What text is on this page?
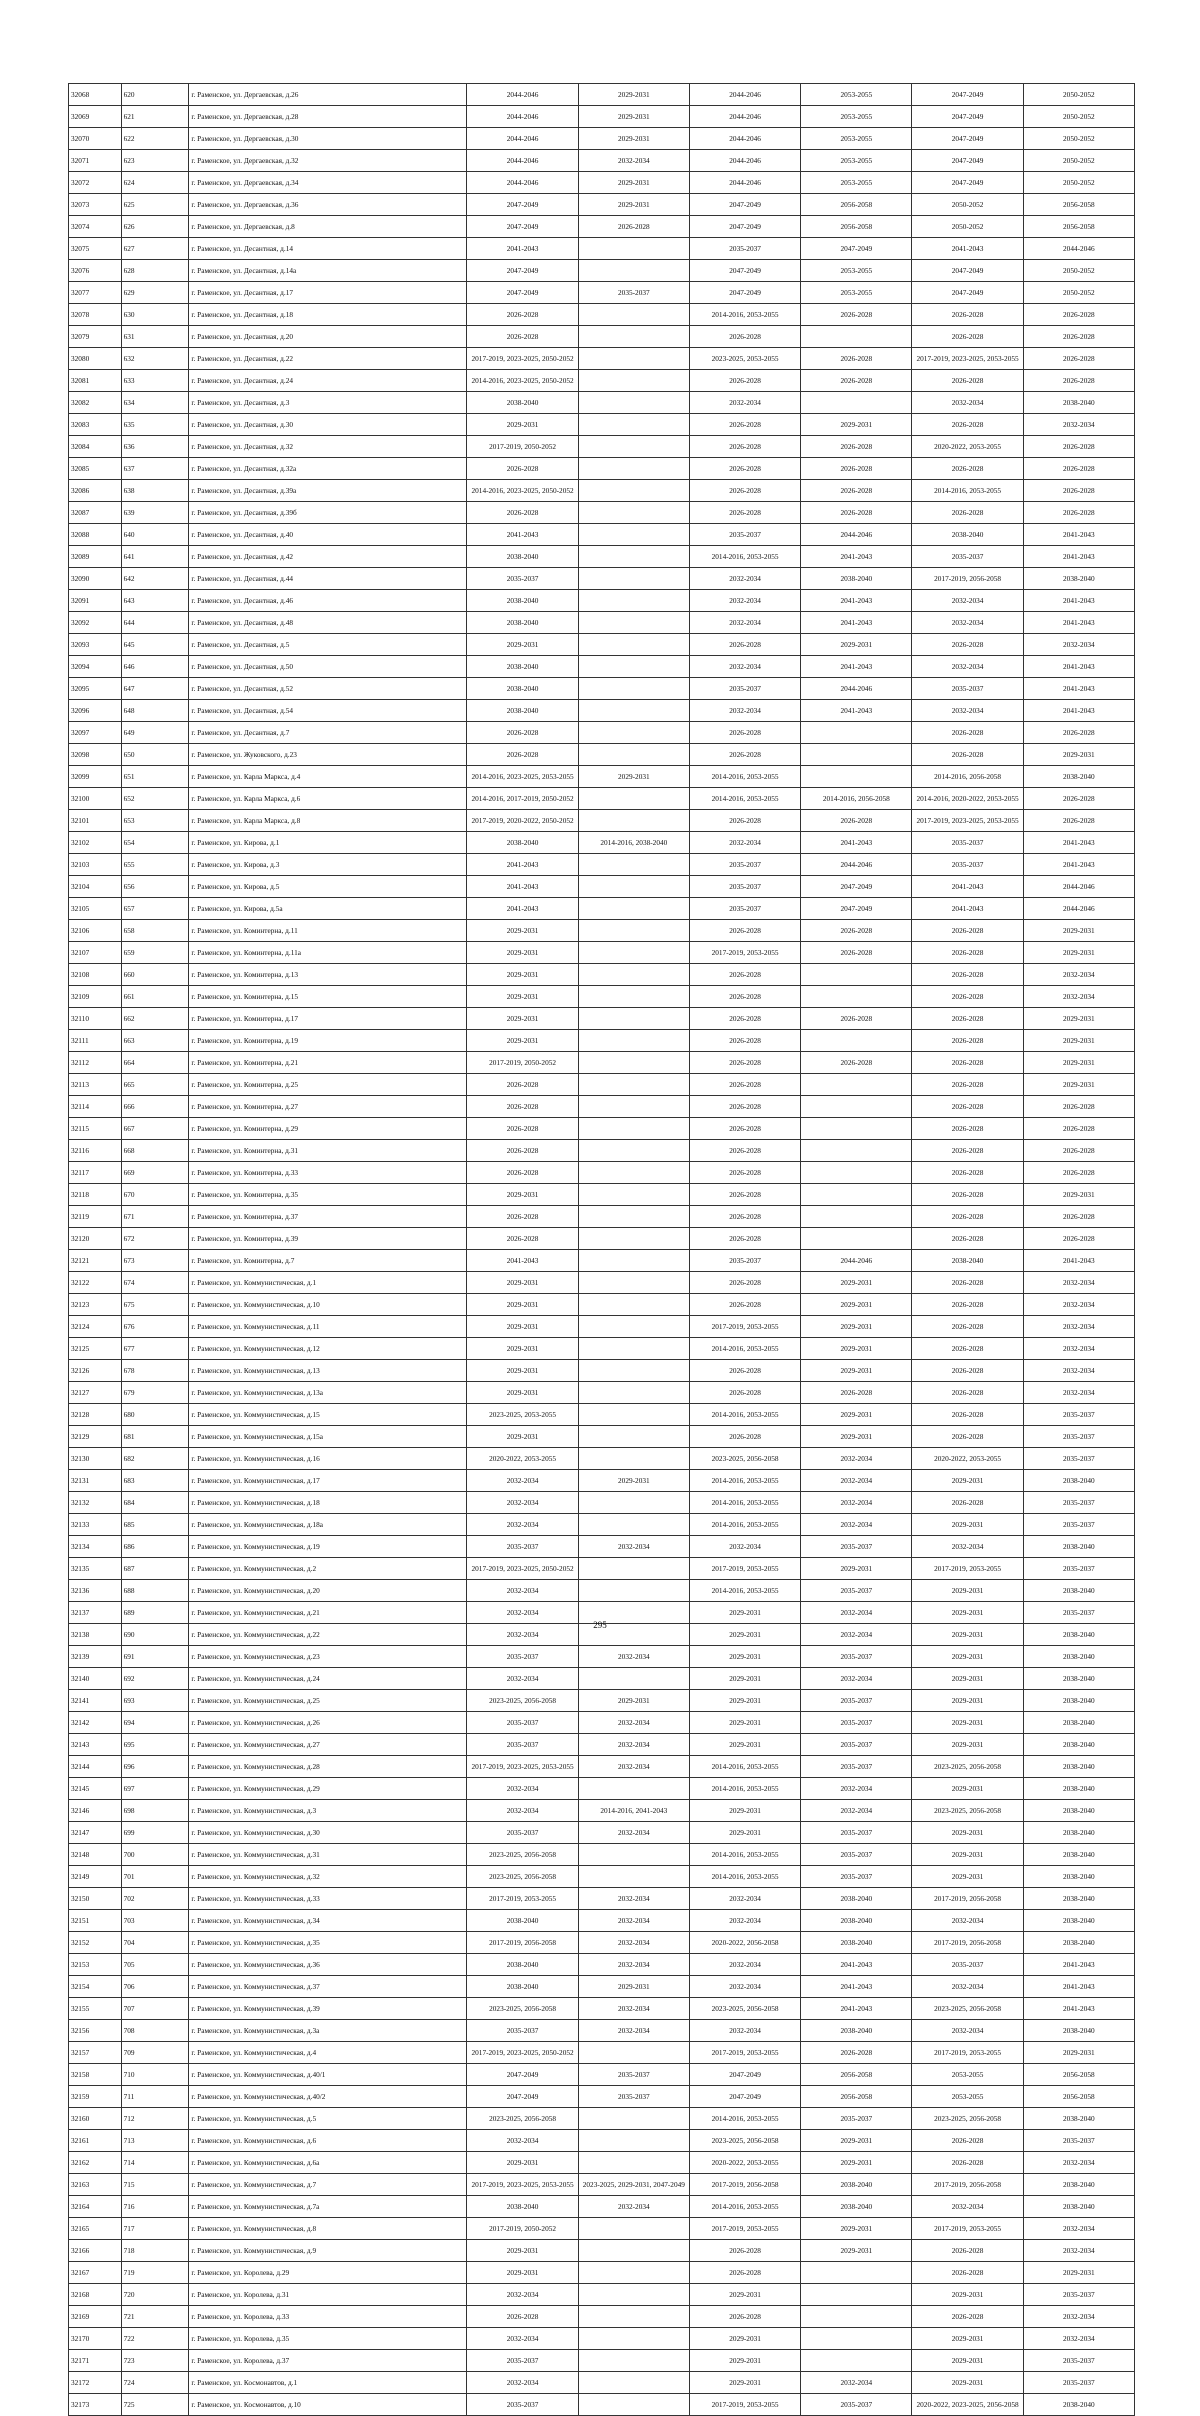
32068	620	г. Раменское, ул. Дергаевская, д.26	2044-2046	2029-2031	2044-2046	2053-2055	2047-2049	2050-2052
32069	621	г. Раменское, ул. Дергаевская, д.28	2044-2046	2029-2031	2044-2046	2053-2055	2047-2049	2050-2052
32070	622	г. Раменское, ул. Дергаевская, д.30	2044-2046	2029-2031	2044-2046	2053-2055	2047-2049	2050-2052
32071	623	г. Раменское, ул. Дергаевская, д.32	2044-2046	2032-2034	2044-2046	2053-2055	2047-2049	2050-2052
32072	624	г. Раменское, ул. Дергаевская, д.34	2044-2046	2029-2031	2044-2046	2053-2055	2047-2049	2050-2052
32073	625	г. Раменское, ул. Дергаевская, д.36	2047-2049	2029-2031	2047-2049	2056-2058	2050-2052	2056-2058
32074	626	г. Раменское, ул. Дергаевская, д.8	2047-2049	2026-2028	2047-2049	2056-2058	2050-2052	2056-2058
32075	627	г. Раменское, ул. Десантная, д.14	2041-2043		2035-2037	2047-2049	2041-2043	2044-2046
32076	628	г. Раменское, ул. Десантная, д.14а	2047-2049		2047-2049	2053-2055	2047-2049	2050-2052
32077	629	г. Раменское, ул. Десантная, д.17	2047-2049	2035-2037	2047-2049	2053-2055	2047-2049	2050-2052
32078	630	г. Раменское, ул. Десантная, д.18	2026-2028		2014-2016, 2053-2055	2026-2028	2026-2028	2026-2028
32079	631	г. Раменское, ул. Десантная, д.20	2026-2028		2026-2028		2026-2028	2026-2028
32080	632	г. Раменское, ул. Десантная, д.22	2017-2019, 2023-2025, 2050-2052		2023-2025, 2053-2055	2026-2028	2017-2019, 2023-2025, 2053-2055	2026-2028
32081	633	г. Раменское, ул. Десантная, д.24	2014-2016, 2023-2025, 2050-2052		2026-2028	2026-2028	2026-2028	2026-2028
32082	634	г. Раменское, ул. Десантная, д.3	2038-2040		2032-2034		2032-2034	2038-2040
32083	635	г. Раменское, ул. Десантная, д.30	2029-2031		2026-2028	2029-2031	2026-2028	2032-2034
32084	636	г. Раменское, ул. Десантная, д.32	2017-2019, 2050-2052		2026-2028	2026-2028	2020-2022, 2053-2055	2026-2028
32085	637	г. Раменское, ул. Десантная, д.32а	2026-2028		2026-2028	2026-2028	2026-2028	2026-2028
32086	638	г. Раменское, ул. Десантная, д.39а	2014-2016, 2023-2025, 2050-2052		2026-2028	2026-2028	2014-2016, 2053-2055	2026-2028
32087	639	г. Раменское, ул. Десантная, д.39б	2026-2028		2026-2028	2026-2028	2026-2028	2026-2028
32088	640	г. Раменское, ул. Десантная, д.40	2041-2043		2035-2037	2044-2046	2038-2040	2041-2043
32089	641	г. Раменское, ул. Десантная, д.42	2038-2040		2014-2016, 2053-2055	2041-2043	2035-2037	2041-2043
32090	642	г. Раменское, ул. Десантная, д.44	2035-2037		2032-2034	2038-2040	2017-2019, 2056-2058	2038-2040
32091	643	г. Раменское, ул. Десантная, д.46	2038-2040		2032-2034	2041-2043	2032-2034	2041-2043
32092	644	г. Раменское, ул. Десантная, д.48	2038-2040		2032-2034	2041-2043	2032-2034	2041-2043
32093	645	г. Раменское, ул. Десантная, д.5	2029-2031		2026-2028	2029-2031	2026-2028	2032-2034
32094	646	г. Раменское, ул. Десантная, д.50	2038-2040		2032-2034	2041-2043	2032-2034	2041-2043
32095	647	г. Раменское, ул. Десантная, д.52	2038-2040		2035-2037	2044-2046	2035-2037	2041-2043
32096	648	г. Раменское, ул. Десантная, д.54	2038-2040		2032-2034	2041-2043	2032-2034	2041-2043
32097	649	г. Раменское, ул. Десантная, д.7	2026-2028		2026-2028		2026-2028	2026-2028
32098	650	г. Раменское, ул. Жуковского, д.23	2026-2028		2026-2028		2026-2028	2029-2031
32099	651	г. Раменское, ул. Карла Маркса, д.4	2014-2016, 2023-2025, 2053-2055	2029-2031	2014-2016, 2053-2055		2014-2016, 2056-2058	2038-2040
32100	652	г. Раменское, ул. Карла Маркса, д.6	2014-2016, 2017-2019, 2050-2052		2014-2016, 2053-2055	2014-2016, 2056-2058	2014-2016, 2020-2022, 2053-2055	2026-2028
32101	653	г. Раменское, ул. Карла Маркса, д.8	2017-2019, 2020-2022, 2050-2052		2026-2028	2026-2028	2017-2019, 2023-2025, 2053-2055	2026-2028
32102	654	г. Раменское, ул. Кирова, д.1	2038-2040	2014-2016, 2038-2040	2032-2034	2041-2043	2035-2037	2041-2043
32103	655	г. Раменское, ул. Кирова, д.3	2041-2043		2035-2037	2044-2046	2035-2037	2041-2043
32104	656	г. Раменское, ул. Кирова, д.5	2041-2043		2035-2037	2047-2049	2041-2043	2044-2046
32105	657	г. Раменское, ул. Кирова, д.5а	2041-2043		2035-2037	2047-2049	2041-2043	2044-2046
32106	658	г. Раменское, ул. Коминтерна, д.11	2029-2031		2026-2028	2026-2028	2026-2028	2029-2031
32107	659	г. Раменское, ул. Коминтерна, д.11а	2029-2031		2017-2019, 2053-2055	2026-2028	2026-2028	2029-2031
32108	660	г. Раменское, ул. Коминтерна, д.13	2029-2031		2026-2028		2026-2028	2032-2034
32109	661	г. Раменское, ул. Коминтерна, д.15	2029-2031		2026-2028		2026-2028	2032-2034
32110	662	г. Раменское, ул. Коминтерна, д.17	2029-2031		2026-2028	2026-2028	2026-2028	2029-2031
32111	663	г. Раменское, ул. Коминтерна, д.19	2029-2031		2026-2028		2026-2028	2029-2031
32112	664	г. Раменское, ул. Коминтерна, д.21	2017-2019, 2050-2052		2026-2028	2026-2028	2026-2028	2029-2031
32113	665	г. Раменское, ул. Коминтерна, д.25	2026-2028		2026-2028		2026-2028	2029-2031
32114	666	г. Раменское, ул. Коминтерна, д.27	2026-2028		2026-2028		2026-2028	2026-2028
32115	667	г. Раменское, ул. Коминтерна, д.29	2026-2028		2026-2028		2026-2028	2026-2028
32116	668	г. Раменское, ул. Коминтерна, д.31	2026-2028		2026-2028		2026-2028	2026-2028
32117	669	г. Раменское, ул. Коминтерна, д.33	2026-2028		2026-2028		2026-2028	2026-2028
32118	670	г. Раменское, ул. Коминтерна, д.35	2029-2031		2026-2028		2026-2028	2029-2031
32119	671	г. Раменское, ул. Коминтерна, д.37	2026-2028		2026-2028		2026-2028	2026-2028
32120	672	г. Раменское, ул. Коминтерна, д.39	2026-2028		2026-2028		2026-2028	2026-2028
32121	673	г. Раменское, ул. Коминтерна, д.7	2041-2043		2035-2037	2044-2046	2038-2040	2041-2043
32122	674	г. Раменское, ул. Коммунистическая, д.1	2029-2031		2026-2028	2029-2031	2026-2028	2032-2034
32123	675	г. Раменское, ул. Коммунистическая, д.10	2029-2031		2026-2028	2029-2031	2026-2028	2032-2034
32124	676	г. Раменское, ул. Коммунистическая, д.11	2029-2031		2017-2019, 2053-2055	2029-2031	2026-2028	2032-2034
32125	677	г. Раменское, ул. Коммунистическая, д.12	2029-2031		2014-2016, 2053-2055	2029-2031	2026-2028	2032-2034
32126	678	г. Раменское, ул. Коммунистическая, д.13	2029-2031		2026-2028	2029-2031	2026-2028	2032-2034
32127	679	г. Раменское, ул. Коммунистическая, д.13а	2029-2031		2026-2028	2026-2028	2026-2028	2032-2034
32128	680	г. Раменское, ул. Коммунистическая, д.15	2023-2025, 2053-2055		2014-2016, 2053-2055	2029-2031	2026-2028	2035-2037
32129	681	г. Раменское, ул. Коммунистическая, д.15а	2029-2031		2026-2028	2029-2031	2026-2028	2035-2037
32130	682	г. Раменское, ул. Коммунистическая, д.16	2020-2022, 2053-2055		2023-2025, 2056-2058	2032-2034	2020-2022, 2053-2055	2035-2037
32131	683	г. Раменское, ул. Коммунистическая, д.17	2032-2034	2029-2031	2014-2016, 2053-2055	2032-2034	2029-2031	2038-2040
32132	684	г. Раменское, ул. Коммунистическая, д.18	2032-2034		2014-2016, 2053-2055	2032-2034	2026-2028	2035-2037
32133	685	г. Раменское, ул. Коммунистическая, д.18а	2032-2034		2014-2016, 2053-2055	2032-2034	2029-2031	2035-2037
32134	686	г. Раменское, ул. Коммунистическая, д.19	2035-2037	2032-2034	2032-2034	2035-2037	2032-2034	2038-2040
32135	687	г. Раменское, ул. Коммунистическая, д.2	2017-2019, 2023-2025, 2050-2052		2017-2019, 2053-2055	2029-2031	2017-2019, 2053-2055	2035-2037
32136	688	г. Раменское, ул. Коммунистическая, д.20	2032-2034		2014-2016, 2053-2055	2035-2037	2029-2031	2038-2040
32137	689	г. Раменское, ул. Коммунистическая, д.21	2032-2034		2029-2031	2032-2034	2029-2031	2035-2037
32138	690	г. Раменское, ул. Коммунистическая, д.22	2032-2034		2029-2031	2032-2034	2029-2031	2038-2040
32139	691	г. Раменское, ул. Коммунистическая, д.23	2035-2037	2032-2034	2029-2031	2035-2037	2029-2031	2038-2040
32140	692	г. Раменское, ул. Коммунистическая, д.24	2032-2034		2029-2031	2032-2034	2029-2031	2038-2040
32141	693	г. Раменское, ул. Коммунистическая, д.25	2023-2025, 2056-2058	2029-2031	2029-2031	2035-2037	2029-2031	2038-2040
32142	694	г. Раменское, ул. Коммунистическая, д.26	2035-2037	2032-2034	2029-2031	2035-2037	2029-2031	2038-2040
32143	695	г. Раменское, ул. Коммунистическая, д.27	2035-2037	2032-2034	2029-2031	2035-2037	2029-2031	2038-2040
32144	696	г. Раменское, ул. Коммунистическая, д.28	2017-2019, 2023-2025, 2053-2055	2032-2034	2014-2016, 2053-2055	2035-2037	2023-2025, 2056-2058	2038-2040
32145	697	г. Раменское, ул. Коммунистическая, д.29	2032-2034		2014-2016, 2053-2055	2032-2034	2029-2031	2038-2040
32146	698	г. Раменское, ул. Коммунистическая, д.3	2032-2034	2014-2016, 2041-2043	2029-2031	2032-2034	2023-2025, 2056-2058	2038-2040
32147	699	г. Раменское, ул. Коммунистическая, д.30	2035-2037	2032-2034	2029-2031	2035-2037	2029-2031	2038-2040
32148	700	г. Раменское, ул. Коммунистическая, д.31	2023-2025, 2056-2058		2014-2016, 2053-2055	2035-2037	2029-2031	2038-2040
32149	701	г. Раменское, ул. Коммунистическая, д.32	2023-2025, 2056-2058		2014-2016, 2053-2055	2035-2037	2029-2031	2038-2040
32150	702	г. Раменское, ул. Коммунистическая, д.33	2017-2019, 2053-2055	2032-2034	2032-2034	2038-2040	2017-2019, 2056-2058	2038-2040
32151	703	г. Раменское, ул. Коммунистическая, д.34	2038-2040	2032-2034	2032-2034	2038-2040	2032-2034	2038-2040
32152	704	г. Раменское, ул. Коммунистическая, д.35	2017-2019, 2056-2058	2032-2034	2020-2022, 2056-2058	2038-2040	2017-2019, 2056-2058	2038-2040
32153	705	г. Раменское, ул. Коммунистическая, д.36	2038-2040	2032-2034	2032-2034	2041-2043	2035-2037	2041-2043
32154	706	г. Раменское, ул. Коммунистическая, д.37	2038-2040	2029-2031	2032-2034	2041-2043	2032-2034	2041-2043
32155	707	г. Раменское, ул. Коммунистическая, д.39	2023-2025, 2056-2058	2032-2034	2023-2025, 2056-2058	2041-2043	2023-2025, 2056-2058	2041-2043
32156	708	г. Раменское, ул. Коммунистическая, д.3а	2035-2037	2032-2034	2032-2034	2038-2040	2032-2034	2038-2040
32157	709	г. Раменское, ул. Коммунистическая, д.4	2017-2019, 2023-2025, 2050-2052		2017-2019, 2053-2055	2026-2028	2017-2019, 2053-2055	2029-2031
32158	710	г. Раменское, ул. Коммунистическая, д.40/1	2047-2049	2035-2037	2047-2049	2056-2058	2053-2055	2056-2058
32159	711	г. Раменское, ул. Коммунистическая, д.40/2	2047-2049	2035-2037	2047-2049	2056-2058	2053-2055	2056-2058
32160	712	г. Раменское, ул. Коммунистическая, д.5	2023-2025, 2056-2058		2014-2016, 2053-2055	2035-2037	2023-2025, 2056-2058	2038-2040
32161	713	г. Раменское, ул. Коммунистическая, д.6	2032-2034		2023-2025, 2056-2058	2029-2031	2026-2028	2035-2037
32162	714	г. Раменское, ул. Коммунистическая, д.6а	2029-2031		2020-2022, 2053-2055	2029-2031	2026-2028	2032-2034
32163	715	г. Раменское, ул. Коммунистическая, д.7	2017-2019, 2023-2025, 2053-2055	2023-2025, 2029-2031, 2047-2049	2017-2019, 2056-2058	2038-2040	2017-2019, 2056-2058	2038-2040
32164	716	г. Раменское, ул. Коммунистическая, д.7а	2038-2040	2032-2034	2014-2016, 2053-2055	2038-2040	2032-2034	2038-2040
32165	717	г. Раменское, ул. Коммунистическая, д.8	2017-2019, 2050-2052		2017-2019, 2053-2055	2029-2031	2017-2019, 2053-2055	2032-2034
32166	718	г. Раменское, ул. Коммунистическая, д.9	2029-2031		2026-2028	2029-2031	2026-2028	2032-2034
32167	719	г. Раменское, ул. Королева, д.29	2029-2031		2026-2028		2026-2028	2029-2031
32168	720	г. Раменское, ул. Королева, д.31	2032-2034		2029-2031		2029-2031	2035-2037
32169	721	г. Раменское, ул. Королева, д.33	2026-2028		2026-2028		2026-2028	2032-2034
32170	722	г. Раменское, ул. Королева, д.35	2032-2034		2029-2031		2029-2031	2032-2034
32171	723	г. Раменское, ул. Королева, д.37	2035-2037		2029-2031		2029-2031	2035-2037
32172	724	г. Раменское, ул. Космонавтов, д.1	2032-2034		2029-2031	2032-2034	2029-2031	2035-2037
32173	725	г. Раменское, ул. Космонавтов, д.10	2035-2037		2017-2019, 2053-2055	2035-2037	2020-2022, 2023-2025, 2056-2058	2038-2040
295
